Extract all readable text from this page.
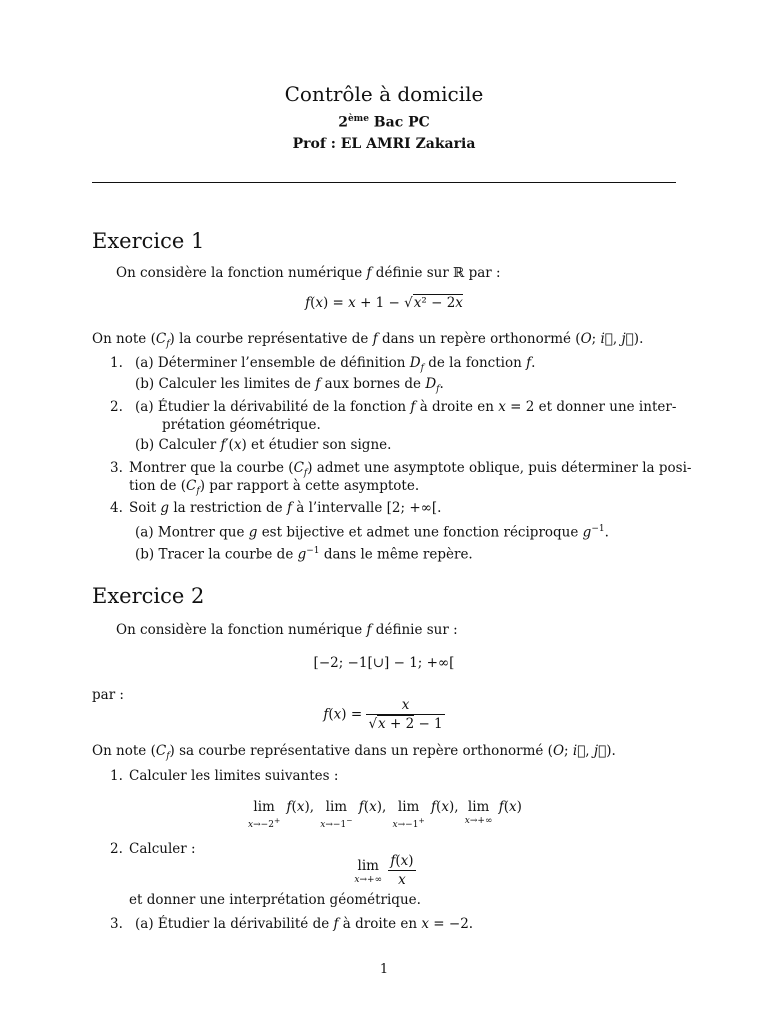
Contrôle à domicile
2ème Bac PC
Prof : EL AMRI Zakaria
Exercice 1
On considère la fonction numérique f définie sur ℝ par :
f(x) = x + 1 − √x² − 2x
On note $(C_f)$ la courbe représentative de f dans un repère orthonormé (O; i⃗, j⃗).
1. (a) Déterminer l’ensemble de définition $D_f$ de la fonction f.
(b) Calculer les limites de f aux bornes de $D_f$.
2. (a) Étudier la dérivabilité de la fonction f à droite en x = 2 et donner une inter-
prétation géométrique.
(b) Calculer f′(x) et étudier son signe.
3. Montrer que la courbe $(C_f)$ admet une asymptote oblique, puis déterminer la posi-
tion de $(C_f)$ par rapport à cette asymptote.
4. Soit g la restriction de f à l’intervalle [2; +∞[.
(a) Montrer que g est bijective et admet une fonction réciproque $g^{-1}$.
(b) Tracer la courbe de $g^{-1}$ dans le même repère.
Exercice 2
On considère la fonction numérique f définie sur :
[−2; −1[∪] − 1; +∞[
par :
$f(x) = \frac{x}{√x + 2 - 1}$
On note $(C_f)$ sa courbe représentative dans un repère orthonormé (O; i⃗, j⃗).
1. Calculer les limites suivantes :
lim
x→−2+
f(x), lim
x→−1−
f(x), lim
x→−1+
f(x), lim
x→+∞
f(x)
2. Calculer :
lim
x→+∞
$\frac{f(x)}{x}$
et donner une interprétation géométrique.
3. (a) Étudier la dérivabilité de f à droite en x = −2.
1
